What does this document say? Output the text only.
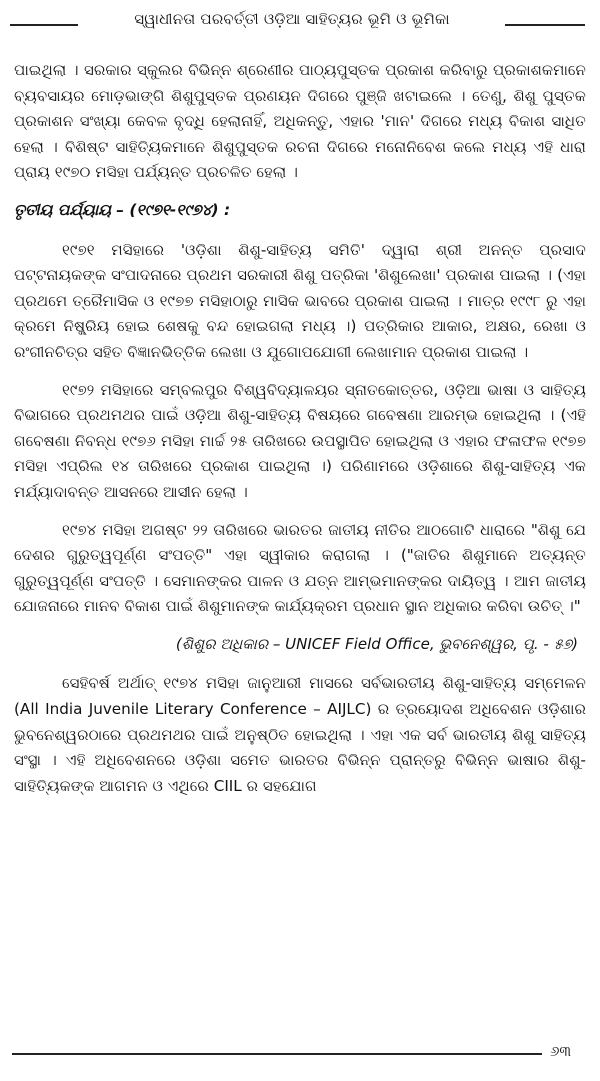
ସ୍ୱାଧୀନତା ପରବର୍ତ୍ତୀ ଓଡ଼ିଆ ସାହିତ୍ୟର ଭୂମି ଓ ଭୂମିକା

ପାଇଥିଲା । ସରକାର ସ୍କୁଲର ବିଭିନ୍ନ ଶ୍ରେଣୀର ପାଠ୍ୟପୁସ୍ତକ ପ୍ରକାଶ କରିବାରୁ ପ୍ରକାଶକମାନେ ବ୍ୟବସାୟର ମୋଡ଼ଭାଙ୍ଗି ଶିଶୁପୁସ୍ତକ ପ୍ରଣୟନ ଦିଗରେ ପୁଞ୍ଜି ଖଟାଇଲେ । ତେଣୁ, ଶିଶୁ ପୁସ୍ତକ ପ୍ରକାଶନ ସଂଖ୍ୟା କେବଳ ବୃଦ୍ଧି ହେଲାନାହିଁ, ଅଧିକନ୍ତୁ, ଏହାର 'ମାନ' ଦିଗରେ ମଧ୍ୟ ବିକାଶ ସାଧିତ ହେଲା । ବିଶିଷ୍ଟ ସାହିତ୍ୟିକମାନେ ଶିଶୁପୁସ୍ତକ ରଚନା ଦିଗରେ ମନୋନିବେଶ କଲେ ମଧ୍ୟ ଏହି ଧାରା ପ୍ରାୟ ୧୯୭୦ ମସିହା ପର୍ଯ୍ୟନ୍ତ ପ୍ରଚଳିତ ହେଲା ।

ତୃତୀୟ ପର୍ଯ୍ୟାୟ – (୧୯୭୧-୧୯୭୪) :

୧୯୭୧ ମସିହାରେ 'ଓଡ଼ିଶା ଶିଶୁ-ସାହିତ୍ୟ ସମିତି' ଦ୍ୱାରା ଶ୍ରୀ ଅନନ୍ତ ପ୍ରସାଦ ପଟ୍ଟନାୟକଙ୍କ ସଂପାଦନାରେ ପ୍ରଥମ ସରକାରୀ ଶିଶୁ ପତ୍ରିକା 'ଶିଶୁଲେଖା' ପ୍ରକାଶ ପାଇଲା । (ଏହା ପ୍ରଥମେ ତ୍ରୈମାସିକ ଓ ୧୯୭୭ ମସିହାଠାରୁ ମାସିକ ଭାବରେ ପ୍ରକାଶ ପାଇଲା । ମାତ୍ର ୧୯୯୮ ରୁ ଏହା କ୍ରମେ ନିଷ୍କ୍ରିୟ ହୋଇ ଶେଷକୁ ବନ୍ଦ ହୋଇଗଲା ମଧ୍ୟ ।) ପତ୍ରିକାର ଆକାର, ଅକ୍ଷର, ରେଖା ଓ ରଂଗୀନଚିତ୍ର ସହିତ ବିଜ୍ଞାନଭିତ୍ତିକ ଲେଖା ଓ ଯୁଗୋପଯୋଗୀ ଲେଖାମାନ ପ୍ରକାଶ ପାଇଲା ।

୧୯୭୨ ମସିହାରେ ସମ୍ବଲପୁର ବିଶ୍ୱବିଦ୍ୟାଳୟର ସ୍ନାତକୋତ୍ତର, ଓଡ଼ିଆ ଭାଷା ଓ ସାହିତ୍ୟ ବିଭାଗରେ ପ୍ରଥମଥର ପାଇଁ ଓଡ଼ିଆ ଶିଶୁ-ସାହିତ୍ୟ ବିଷୟରେ ଗବେଷଣା ଆରମ୍ଭ ହୋଇଥିଲା । (ଏହି ଗବେଷଣା ନିବନ୍ଧ ୧୯୭୬ ମସିହା ମାର୍ଚ୍ଚ ୨୫ ତାରିଖରେ ଉପସ୍ଥାପିତ ହୋଇଥିଲା ଓ ଏହାର ଫଳାଫଳ ୧୯୭୭ ମସିହା ଏପ୍ରିଲ ୧୪ ତାରିଖରେ ପ୍ରକାଶ ପାଇଥିଲା ।) ପରିଣାମରେ ଓଡ଼ିଶାରେ ଶିଶୁ-ସାହିତ୍ୟ ଏକ ମର୍ଯ୍ୟାଦାବନ୍ତ ଆସନରେ ଆସୀନ ହେଲା ।

୧୯୭୪ ମସିହା ଅଗଷ୍ଟ ୨୨ ତାରିଖରେ ଭାରତର ଜାତୀୟ ନୀତିର ଆଠଗୋଟି ଧାରାରେ "ଶିଶୁ ଯେ ଦେଶର ଗୁରୁତ୍ୱପୂର୍ଣ୍ଣ ସଂପତ୍ତି" ଏହା ସ୍ୱୀକାର କରାଗଲା । ("ଜାତିର ଶିଶୁମାନେ ଅତ୍ୟନ୍ତ ଗୁରୁତ୍ୱପୂର୍ଣ୍ଣ ସଂପତ୍ତି । ସେମାନଙ୍କର ପାଳନ ଓ ଯତ୍ନ ଆମ୍ଭମାନଙ୍କର ଦାୟିତ୍ୱ । ଆମ ଜାତୀୟ ଯୋଜନାରେ ମାନବ ବିକାଶ ପାଇଁ ଶିଶୁମାନଙ୍କ କାର୍ଯ୍ୟକ୍ରମ ପ୍ରଧାନ ସ୍ଥାନ ଅଧିକାର କରିବା ଉଚିତ୍ ।"

(ଶିଶୁର ଅଧିକାର – UNICEF Field Office, ଭୁବନେଶ୍ୱର, ପୃ. - ୫୭)

ସେହିବର୍ଷ ଅର୍ଥାତ୍ ୧୯୭୪ ମସିହା ଜାନୁଆରୀ ମାସରେ ସର୍ବଭାରତୀୟ ଶିଶୁ-ସାହିତ୍ୟ ସମ୍ମେଳନ (All India Juvenile Literary Conference – AIJLC) ର ତ୍ରୟୋଦଶ ଅଧିବେଶନ ଓଡ଼ିଶାର ଭୁବନେଶ୍ୱରଠାରେ ପ୍ରଥମଥର ପାଇଁ ଅନୁଷ୍ଠିତ ହୋଇଥିଲା । ଏହା ଏକ ସର୍ବ ଭାରତୀୟ ଶିଶୁ ସାହିତ୍ୟ ସଂସ୍ଥା । ଏହି ଅଧିବେଶନରେ ଓଡ଼ିଶା ସମେତ ଭାରତର ବିଭିନ୍ନ ପ୍ରାନ୍ତରୁ ବିଭିନ୍ନ ଭାଷାର ଶିଶୁ-ସାହିତ୍ୟିକଙ୍କ ଆଗମନ ଓ ଏଥିରେ CIIL ର ସହଯୋଗ

୬୩
